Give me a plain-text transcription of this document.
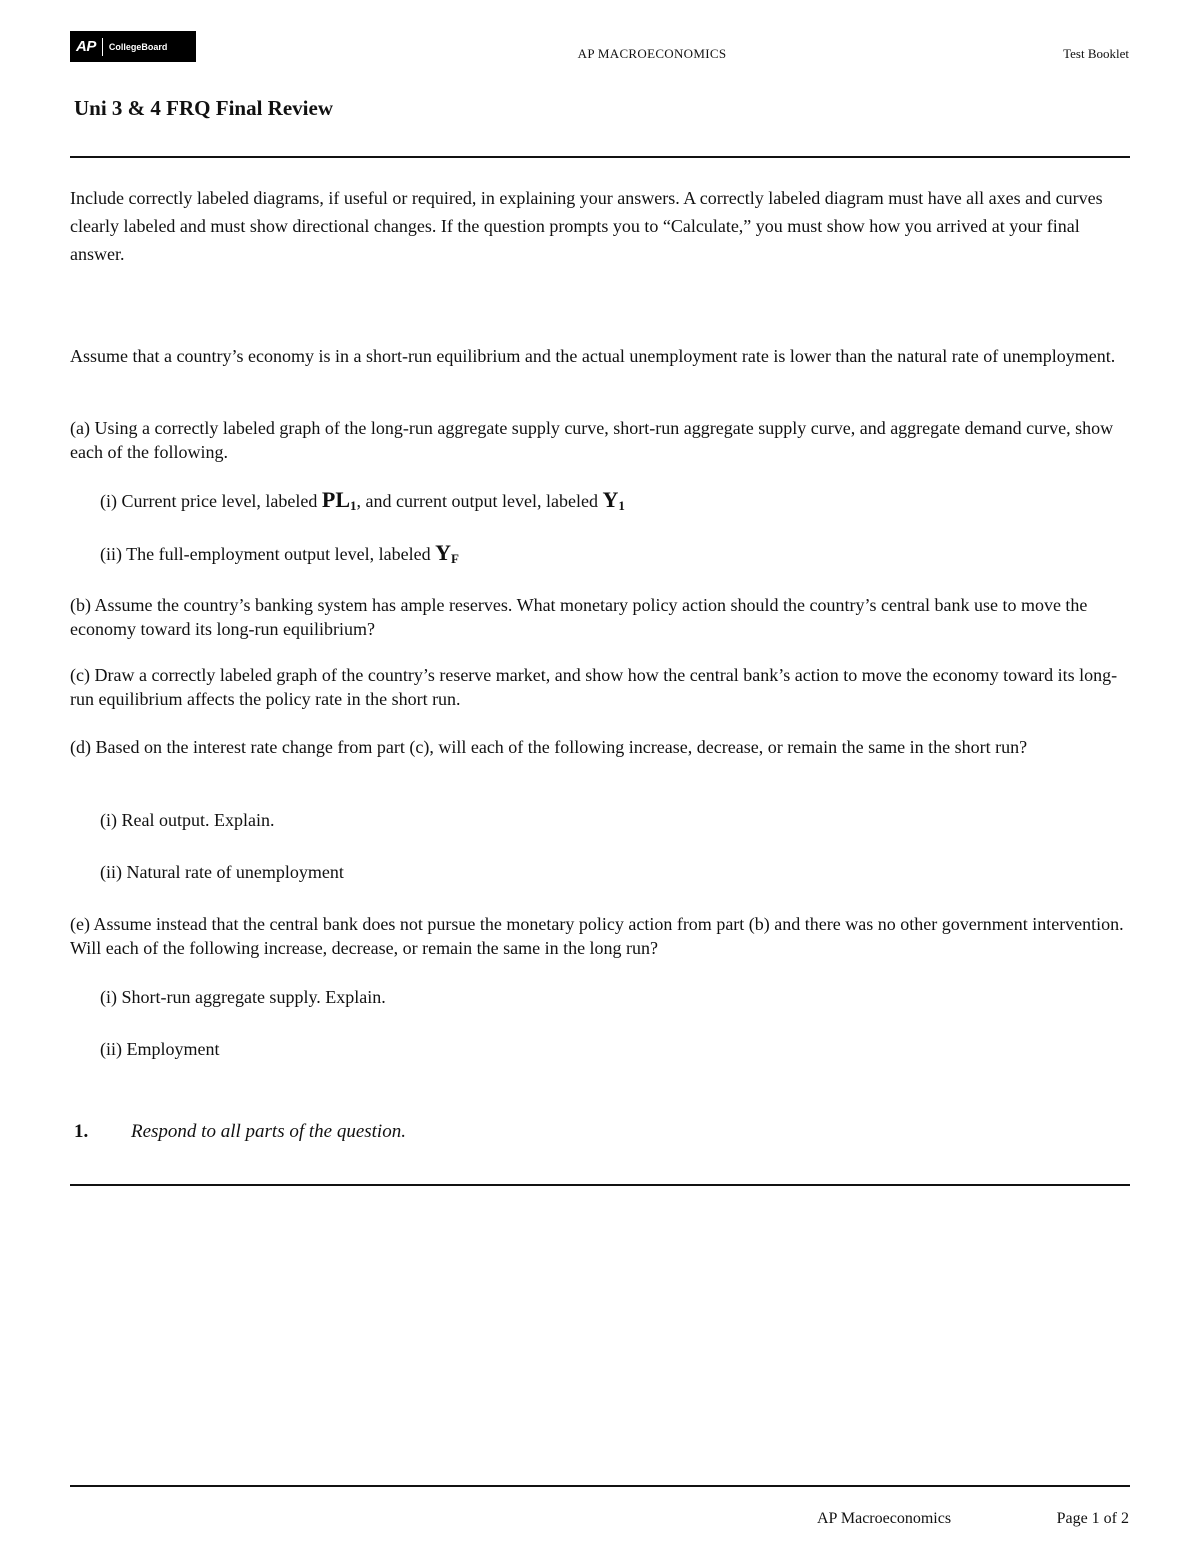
AP CollegeBoard	AP MACROECONOMICS	Test Booklet
Uni 3 & 4 FRQ Final Review
Include correctly labeled diagrams, if useful or required, in explaining your answers. A correctly labeled diagram must have all axes and curves clearly labeled and must show directional changes. If the question prompts you to “Calculate,” you must show how you arrived at your final answer.
Assume that a country’s economy is in a short-run equilibrium and the actual unemployment rate is lower than the natural rate of unemployment.
(a) Using a correctly labeled graph of the long-run aggregate supply curve, short-run aggregate supply curve, and aggregate demand curve, show each of the following.
(i) Current price level, labeled $PL_1$, and current output level, labeled $Y_1$
(ii) The full-employment output level, labeled $Y_F$
(b) Assume the country’s banking system has ample reserves. What monetary policy action should the country’s central bank use to move the economy toward its long-run equilibrium?
(c) Draw a correctly labeled graph of the country’s reserve market, and show how the central bank’s action to move the economy toward its long-run equilibrium affects the policy rate in the short run.
(d) Based on the interest rate change from part (c), will each of the following increase, decrease, or remain the same in the short run?
(i) Real output. Explain.
(ii) Natural rate of unemployment
(e) Assume instead that the central bank does not pursue the monetary policy action from part (b) and there was no other government intervention. Will each of the following increase, decrease, or remain the same in the long run?
(i) Short-run aggregate supply. Explain.
(ii) Employment
1. Respond to all parts of the question.
AP Macroeconomics	Page 1 of 2
